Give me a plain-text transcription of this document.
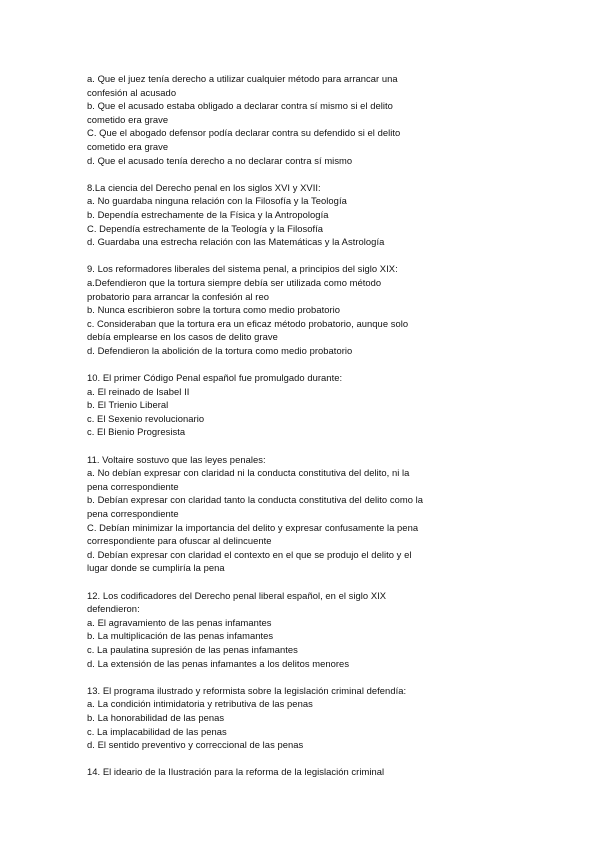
a. Que el juez tenía derecho a utilizar cualquier método para arrancar una
confesión al acusado
b. Que el acusado estaba obligado a declarar contra sí mismo si el delito
cometido era grave
C. Que el abogado defensor podía declarar contra su defendido si el delito
cometido era grave
d. Que el acusado tenía derecho a no declarar contra sí mismo
8.La ciencia del Derecho penal en los siglos XVI y XVII:
a. No guardaba ninguna relación con la Filosofía y la Teología
b. Dependía estrechamente de la Física y la Antropología
C. Dependía estrechamente de la Teología y la Filosofía
d. Guardaba una estrecha relación con las Matemáticas y la Astrología
9. Los reformadores liberales del sistema penal, a principios del siglo XIX:
a.Defendieron que la tortura siempre debía ser utilizada como método
probatorio para arrancar la confesión al reo
b. Nunca escribieron sobre la tortura como medio probatorio
c. Consideraban que la tortura era un eficaz método probatorio, aunque solo
debía emplearse en los casos de delito grave
d. Defendieron la abolición de la tortura como medio probatorio
10. El primer Código Penal español fue promulgado durante:
a. El reinado de Isabel II
b. El Trienio Liberal
c. El Sexenio revolucionario
c. El Bienio Progresista
11. Voltaire sostuvo que las leyes penales:
a. No debían expresar con claridad ni la conducta constitutiva del delito, ni la
pena correspondiente
b. Debían expresar con claridad tanto la conducta constitutiva del delito como la
pena correspondiente
C. Debían minimizar la importancia del delito y expresar confusamente la pena
correspondiente para ofuscar al delincuente
d. Debían expresar con claridad el contexto en el que se produjo el delito y el
lugar donde se cumpliría la pena
12. Los codificadores del Derecho penal liberal español, en el siglo XIX
defendieron:
a. El agravamiento de las penas infamantes
b. La multiplicación de las penas infamantes
c. La paulatina supresión de las penas infamantes
d. La extensión de las penas infamantes a los delitos menores
13. El programa ilustrado y reformista sobre la legislación criminal defendía:
a. La condición intimidatoria y retributiva de las penas
b. La honorabilidad de las penas
c. La implacabilidad de las penas
d. El sentido preventivo y correccional de las penas
14. El ideario de la Ilustración para la reforma de la legislación criminal
